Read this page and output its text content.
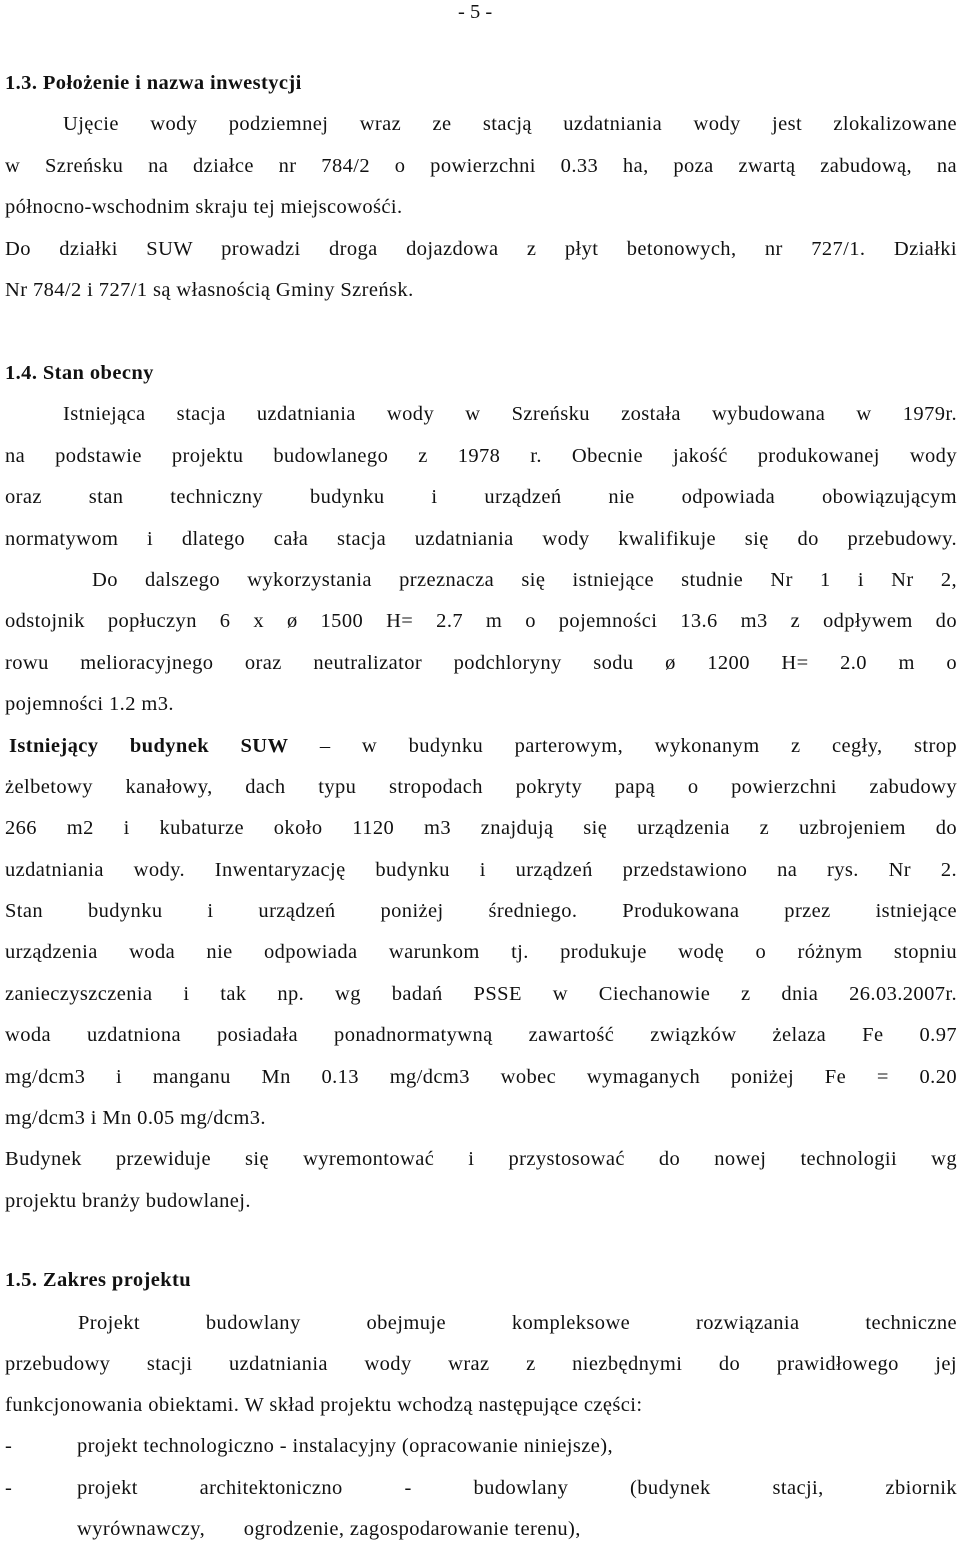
- 5 -
1.3. Położenie i nazwa inwestycji
Ujęcie wody podziemnej wraz ze stacją uzdatniania wody jest zlokalizowane
w Szreńsku na działce nr 784/2 o powierzchni 0.33 ha, poza zwartą zabudową, na
północno-wschodnim skraju tej miejscowośći.
Do działki SUW prowadzi droga dojazdowa z płyt betonowych, nr 727/1. Działki
Nr 784/2 i 727/1 są własnością Gminy Szreńsk.
1.4. Stan obecny
Istniejąca stacja uzdatniania wody w Szreńsku została wybudowana w 1979r.
na podstawie projektu budowlanego z 1978 r. Obecnie jakość produkowanej wody
oraz stan techniczny budynku i urządzeń nie odpowiada obowiązującym
normatywom i dlatego cała stacja uzdatniania wody kwalifikuje się do przebudowy.
Do dalszego wykorzystania przeznacza się istniejące studnie Nr 1 i Nr 2,
odstojnik popłuczyn 6 x ø 1500 H= 2.7 m o pojemności 13.6 m3 z odpływem do
rowu melioracyjnego oraz neutralizator podchloryny sodu ø 1200 H= 2.0 m o
pojemności 1.2 m3.
Istniejący budynek SUW – w budynku parterowym, wykonanym z cegły, strop
żelbetowy kanałowy, dach typu stropodach pokryty papą o powierzchni zabudowy
266 m2 i kubaturze około 1120 m3 znajdują się urządzenia z uzbrojeniem do
uzdatniania wody. Inwentaryzację budynku i urządzeń przedstawiono na rys. Nr 2.
Stan budynku i urządzeń poniżej średniego. Produkowana przez istniejące
urządzenia woda nie odpowiada warunkom tj. produkuje wodę o różnym stopniu
zanieczyszczenia i tak np. wg badań PSSE w Ciechanowie z dnia 26.03.2007r.
woda uzdatniona posiadała ponadnormatywną zawartość związków żelaza Fe 0.97
mg/dcm3 i manganu Mn 0.13 mg/dcm3 wobec wymaganych poniżej Fe = 0.20
mg/dcm3 i Mn 0.05 mg/dcm3.
Budynek przewiduje się wyremontować i przystosować do nowej technologii wg
projektu branży budowlanej.
1.5. Zakres projektu
Projekt budowlany obejmuje kompleksowe rozwiązania techniczne
przebudowy stacji uzdatniania wody wraz z niezbędnymi do prawidłowego jej
funkcjonowania obiektami. W skład projektu wchodzą następujące części:
-	projekt technologiczno - instalacyjny (opracowanie niniejsze),
-	projekt architektoniczno - budowlany (budynek stacji, zbiornik
wyrównawczy,       ogrodzenie, zagospodarowanie terenu),
